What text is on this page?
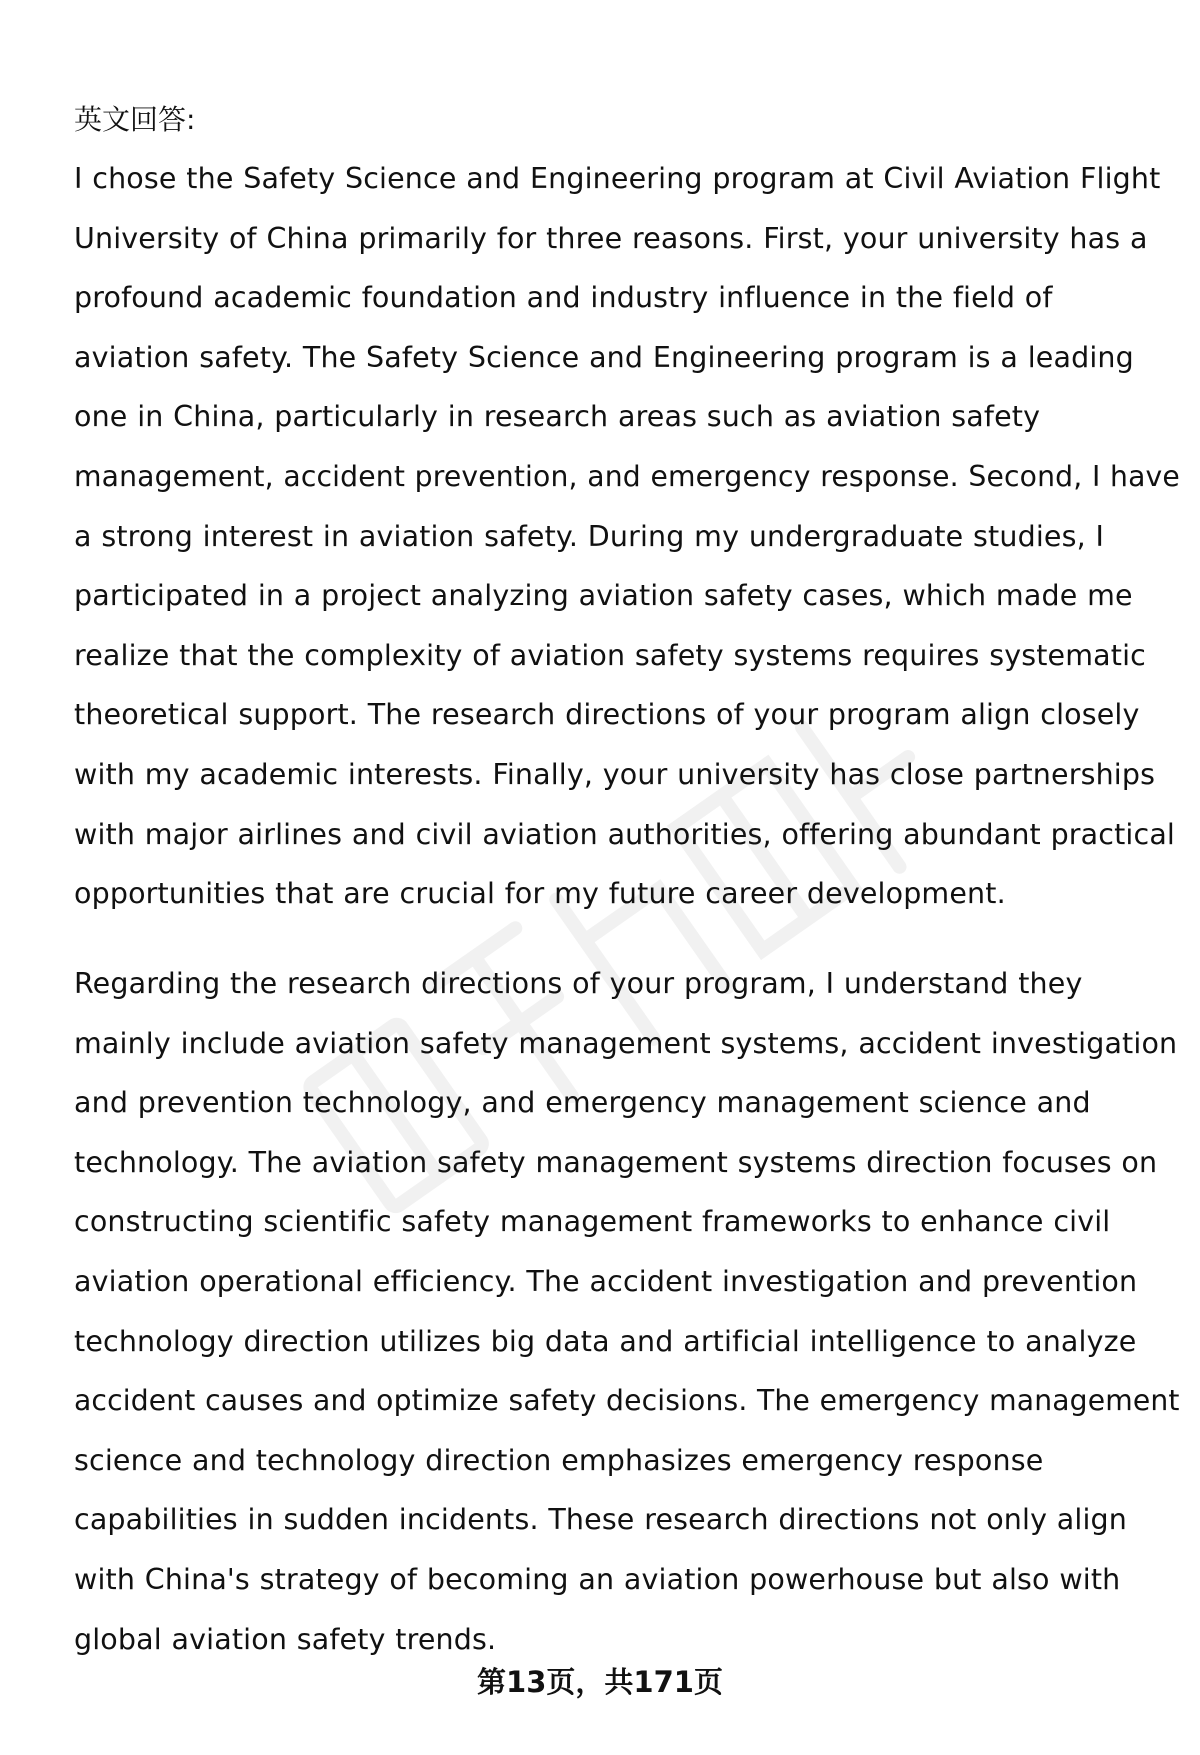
英文回答:
I chose the Safety Science and Engineering program at Civil Aviation Flight
University of China primarily for three reasons. First, your university has a
profound academic foundation and industry influence in the field of
aviation safety. The Safety Science and Engineering program is a leading
one in China, particularly in research areas such as aviation safety
management, accident prevention, and emergency response. Second, I have
a strong interest in aviation safety. During my undergraduate studies, I
participated in a project analyzing aviation safety cases, which made me
realize that the complexity of aviation safety systems requires systematic
theoretical support. The research directions of your program align closely
with my academic interests. Finally, your university has close partnerships
with major airlines and civil aviation authorities, offering abundant practical
opportunities that are crucial for my future career development.
Regarding the research directions of your program, I understand they
mainly include aviation safety management systems, accident investigation
and prevention technology, and emergency management science and
technology. The aviation safety management systems direction focuses on
constructing scientific safety management frameworks to enhance civil
aviation operational efficiency. The accident investigation and prevention
technology direction utilizes big data and artificial intelligence to analyze
accident causes and optimize safety decisions. The emergency management
science and technology direction emphasizes emergency response
capabilities in sudden incidents. These research directions not only align
with China's strategy of becoming an aviation powerhouse but also with
global aviation safety trends.
第13页，共171页
